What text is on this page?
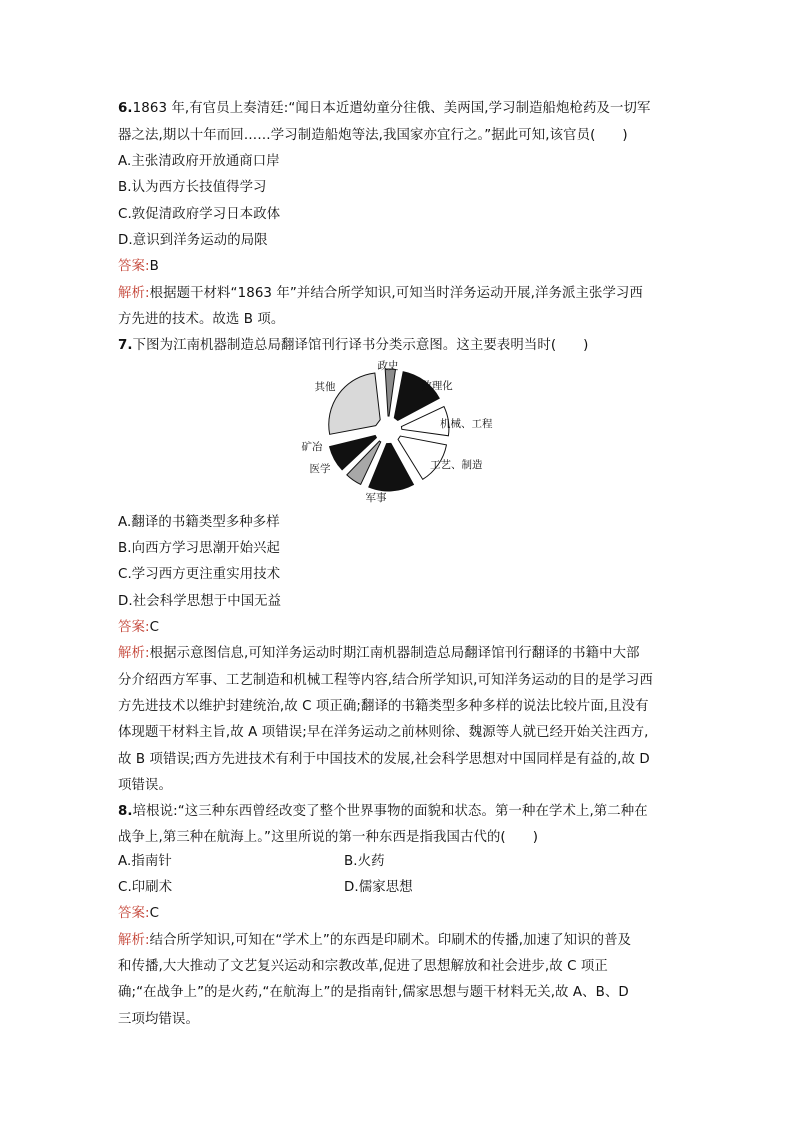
6.1863 年,有官员上奏清廷:“闻日本近遣幼童分往俄、美两国,学习制造船炮枪药及一切军
器之法,期以十年而回……学习制造船炮等法,我国家亦宜行之。”据此可知,该官员(　　)
A.主张清政府开放通商口岸
B.认为西方长技值得学习
C.敦促清政府学习日本政体
D.意识到洋务运动的局限
答案:B
解析:根据题干材料“1863 年”并结合所学知识,可知当时洋务运动开展,洋务派主张学习西
方先进的技术。故选 B 项。
7.下图为江南机器制造总局翻译馆刊行译书分类示意图。这主要表明当时(　　)
政史
数理化
机械、工程
工艺、制造
军事
医学
矿冶
其他
A.翻译的书籍类型多种多样
B.向西方学习思潮开始兴起
C.学习西方更注重实用技术
D.社会科学思想于中国无益
答案:C
解析:根据示意图信息,可知洋务运动时期江南机器制造总局翻译馆刊行翻译的书籍中大部
分介绍西方军事、工艺制造和机械工程等内容,结合所学知识,可知洋务运动的目的是学习西
方先进技术以维护封建统治,故 C 项正确;翻译的书籍类型多种多样的说法比较片面,且没有
体现题干材料主旨,故 A 项错误;早在洋务运动之前林则徐、魏源等人就已经开始关注西方,
故 B 项错误;西方先进技术有利于中国技术的发展,社会科学思想对中国同样是有益的,故 D
项错误。
8.培根说:“这三种东西曾经改变了整个世界事物的面貌和状态。第一种在学术上,第二种在
战争上,第三种在航海上。”这里所说的第一种东西是指我国古代的(　　)
A.指南针	B.火药
C.印刷术	D.儒家思想
答案:C
解析:结合所学知识,可知在“学术上”的东西是印刷术。印刷术的传播,加速了知识的普及
和传播,大大推动了文艺复兴运动和宗教改革,促进了思想解放和社会进步,故 C 项正
确;“在战争上”的是火药,“在航海上”的是指南针,儒家思想与题干材料无关,故 A、B、D
三项均错误。
